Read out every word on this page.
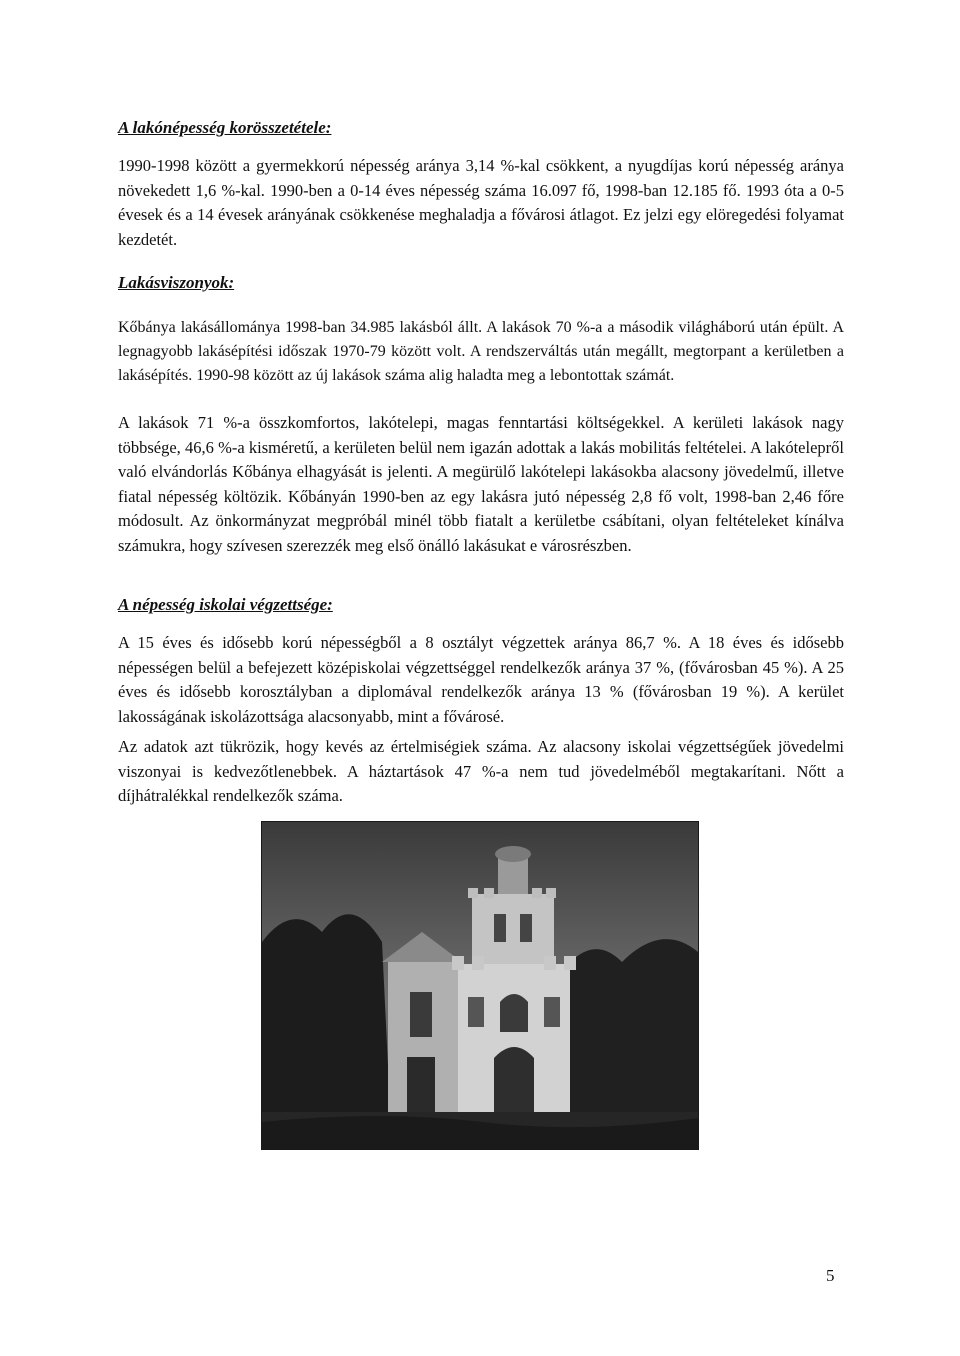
A lakónépesség korösszetétele:

1990-1998 között a gyermekkorú népesség aránya 3,14 %-kal csökkent, a nyugdíjas korú népesség aránya növekedett 1,6 %-kal. 1990-ben a 0-14 éves népesség száma 16.097 fő, 1998-ban 12.185 fő. 1993 óta a 0-5 évesek és a 14 évesek arányának csökkenése meghaladja a fővárosi átlagot. Ez jelzi egy elöregedési folyamat kezdetét.

Lakásviszonyok:

Kőbánya lakásállománya 1998-ban 34.985 lakásból állt. A lakások 70 %-a a második világháború után épült. A legnagyobb lakásépítési időszak 1970-79 között volt. A rendszerváltás után megállt, megtorpant a kerületben a lakásépítés. 1990-98 között az új lakások száma alig haladta meg a lebontottak számát.

A lakások 71 %-a összkomfortos, lakótelepi, magas fenntartási költségekkel. A kerületi lakások nagy többsége, 46,6 %-a kisméretű, a kerületen belül nem igazán adottak a lakás mobilitás feltételei. A lakótelepről való elvándorlás Kőbánya elhagyását is jelenti. A megürülő lakótelepi lakásokba alacsony jövedelmű, illetve fiatal népesség költözik. Kőbányán 1990-ben az egy lakásra jutó népesség 2,8 fő volt, 1998-ban 2,46 főre módosult. Az önkormányzat megpróbál minél több fiatalt a kerületbe csábítani, olyan feltételeket kínálva számukra, hogy szívesen szerezzék meg első önálló lakásukat e városrészben.

A népesség iskolai végzettsége:

A 15 éves és idősebb korú népességből a 8 osztályt végzettek aránya 86,7 %. A 18 éves és idősebb népességen belül a befejezett középiskolai végzettséggel rendelkezők aránya 37 %, (fővárosban 45 %). A 25 éves és idősebb korosztályban a diplomával rendelkezők aránya 13 % (fővárosban 19 %). A kerület lakosságának iskolázottsága alacsonyabb, mint a fővárosé.

Az adatok azt tükrözik, hogy kevés az értelmiségiek száma. Az alacsony iskolai végzettségűek jövedelmi viszonyai is kedvezőtlenebbek. A háztartások 47 %-a nem tud jövedelméből megtakarítani. Nőtt a díjhátralékkal rendelkezők száma.

5
